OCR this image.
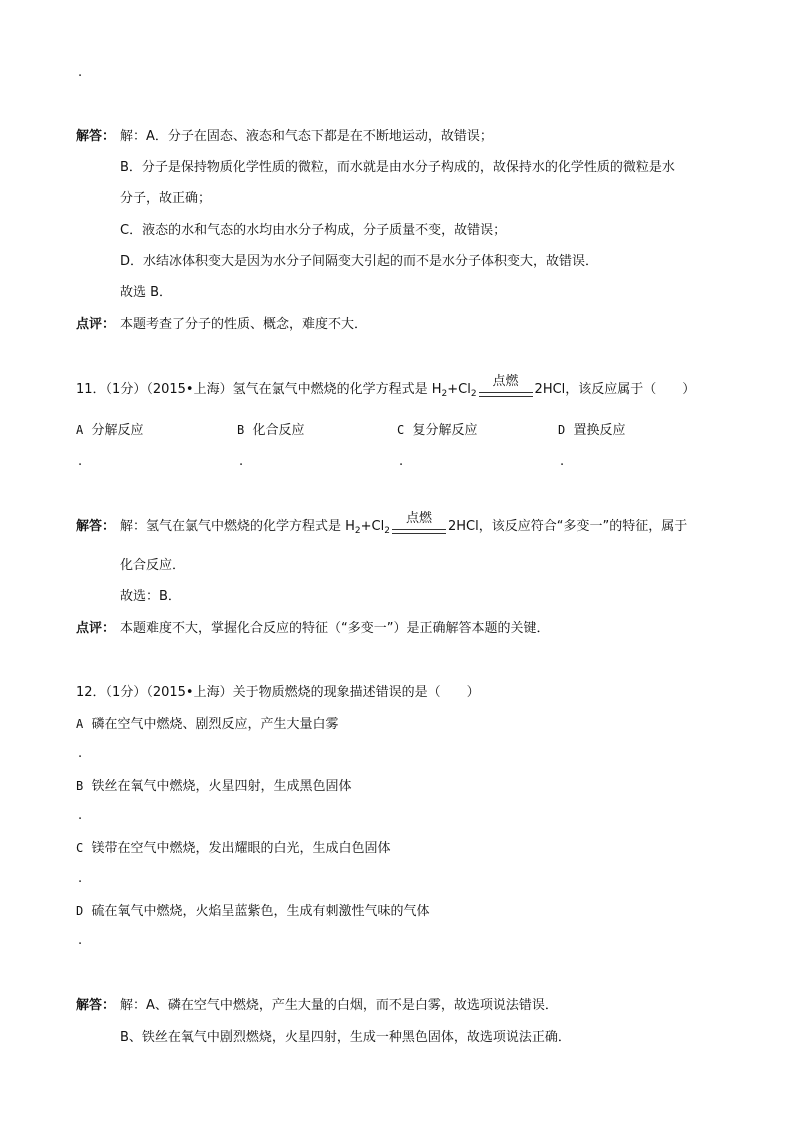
.
解答： 解：A．分子在固态、液态和气态下都是在不断地运动，故错误；
B．分子是保持物质化学性质的微粒，而水就是由水分子构成的，故保持水的化学性质的微粒是水
分子，故正确；
C．液态的水和气态的水均由水分子构成，分子质量不变，故错误；
D．水结冰体积变大是因为水分子间隔变大引起的而不是水分子体积变大，故错误．
故选 B．
点评： 本题考查了分子的性质、概念，难度不大．
11．（1分）（2015•上海）氢气在氯气中燃烧的化学方程式是 $H_2+Cl_2$
点燃
2HCl，该反应属于（　　）
A 分解反应	B 化合反应	C 复分解反应	D 置换反应
.	.	.	.
解答： 解：氢气在氯气中燃烧的化学方程式是 $H_2+Cl_2$
点燃
2HCl，该反应符合“多变一”的特征，属于
化合反应．
故选：B．
点评： 本题难度不大，掌握化合反应的特征（“多变一”）是正确解答本题的关键．
12．（1分）（2015•上海）关于物质燃烧的现象描述错误的是（　　）
A 磷在空气中燃烧、剧烈反应，产生大量白雾
.
B 铁丝在氧气中燃烧，火星四射，生成黑色固体
.
C 镁带在空气中燃烧，发出耀眼的白光，生成白色固体
.
D 硫在氧气中燃烧，火焰呈蓝紫色，生成有刺激性气味的气体
.
解答： 解：A、磷在空气中燃烧，产生大量的白烟，而不是白雾，故选项说法错误．
B、铁丝在氧气中剧烈燃烧，火星四射，生成一种黑色固体，故选项说法正确．
